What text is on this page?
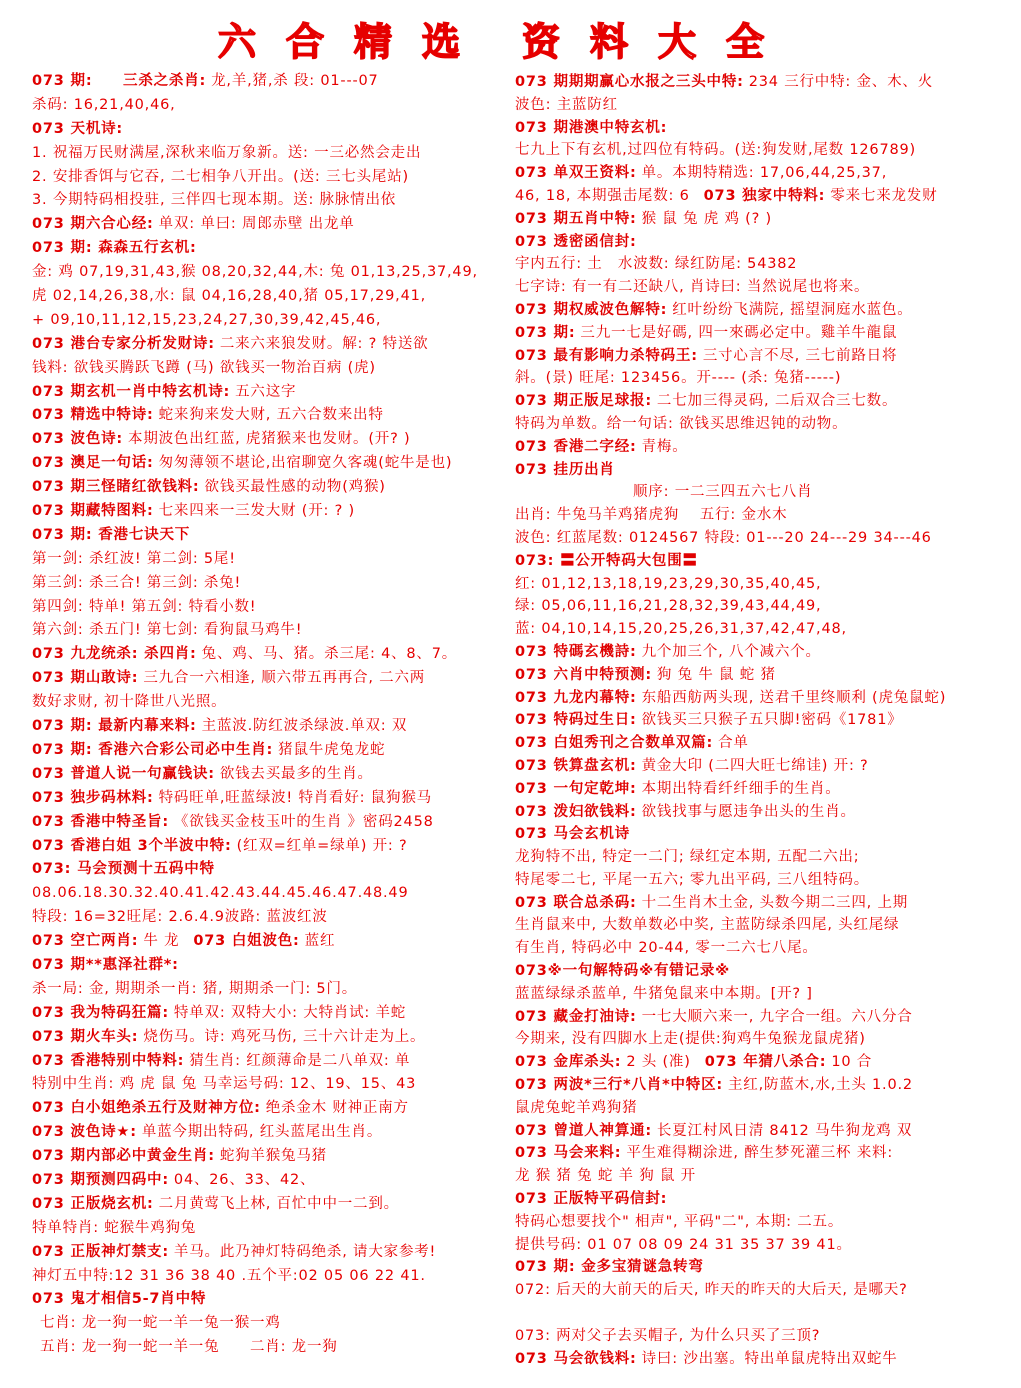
六合精选 资料大全
073 期:　　三杀之杀肖: 龙,羊,猪,杀 段: 01---07
杀码: 16,21,40,46,
073 天机诗:
1. 祝福万民财满屋,深秋来临万象新。送: 一三必然会走出
2. 安排香饵与它吞, 二七相争八开出。(送: 三七头尾站)
3. 今期特码相投驻, 三伴四七现本期。送: 脉脉情出依
073 期六合心经: 单双: 单曰: 周郎赤壁 出龙单
073 期: 森森五行玄机:
金: 鸡 07,19,31,43,猴 08,20,32,44,木: 兔 01,13,25,37,49,
虎 02,14,26,38,水: 鼠 04,16,28,40,猪 05,17,29,41,
+ 09,10,11,12,15,23,24,27,30,39,42,45,46,
073 港台专家分析发财诗: 二来六来狼发财。解: ? 特送欲
钱料: 欲钱买腾跃飞蹲 (马) 欲钱买一物治百病 (虎)
073 期玄机一肖中特玄机诗: 五六这字
073 精选中特诗: 蛇来狗来发大财, 五六合数来出特
073 波色诗: 本期波色出红蓝, 虎猪猴来也发财。(开? )
073 澳足一句话: 匆匆薄领不堪论,出宿聊宽久客魂(蛇牛是也)
073 期三怪睹红欲钱料: 欲钱买最性感的动物(鸡猴)
073 期藏特图料: 七来四来一三发大财 (开: ? )
073 期: 香港七诀天下
第一剑: 杀红波! 第二剑: 5尾!
第三剑: 杀三合! 第三剑: 杀兔!
第四剑: 特单! 第五剑: 特看小数!
第六剑: 杀五门! 第七剑: 看狗鼠马鸡牛!
073 九龙统杀: 杀四肖: 兔、鸡、马、猪。杀三尾: 4、8、7。
073 期山敢诗: 三九合一六相逢, 顺六带五再再合, 二六两
数好求财, 初十降世八光照。
073 期: 最新内幕来料: 主蓝波.防红波杀绿波.单双: 双
073 期: 香港六合彩公司必中生肖: 猪鼠牛虎兔龙蛇
073 普道人说一句赢钱诀: 欲钱去买最多的生肖。
073 独步码林料: 特码旺单,旺蓝绿波! 特肖看好: 鼠狗猴马
073 香港中特圣旨: 《欲钱买金枝玉叶的生肖 》密码2458
073 香港白姐 3个半波中特: (红双=红单=绿单) 开: ?
073: 马会预测十五码中特
08.06.18.30.32.40.41.42.43.44.45.46.47.48.49
特段: 16=32旺尾: 2.6.4.9波路: 蓝波红波
073 空亡两肖: 牛 龙 073 白姐波色: 蓝红
073 期**惠泽社群*:
杀一局: 金, 期期杀一肖: 猪, 期期杀一门: 5门。
073 我为特码狂篇: 特单双: 双特大小: 大特肖试: 羊蛇
073 期火车头: 烧伤马。诗: 鸡死马伤, 三十六计走为上。
073 香港特别中特料: 猜生肖: 红颜薄命是二八单双: 单
特别中生肖: 鸡 虎 鼠 兔 马幸运号码: 12、19、15、43
073 白小姐绝杀五行及财神方位: 绝杀金木 财神正南方
073 波色诗★: 单蓝今期出特码, 红头蓝尾出生肖。
073 期内部必中黄金生肖: 蛇狗羊猴兔马猪
073 期预测四码中: 04、26、33、42、
073 正版烧玄机: 二月黄莺飞上林, 百忙中中一二到。
特单特肖: 蛇猴牛鸡狗兔
073 正版神灯禁支: 羊马。此乃神灯特码绝杀, 请大家参考!
神灯五中特:12 31 36 38 40 .五个平:02 05 06 22 41.
073 鬼才相信5-7肖中特
七肖: 龙一狗一蛇一羊一兔一猴一鸡
五肖: 龙一狗一蛇一羊一兔　　二肖: 龙一狗
073 期期期赢心水报之三头中特: 234 三行中特: 金、木、火
波色: 主蓝防红
073 期港澳中特玄机:
七九上下有玄机,过四位有特码。(送:狗发财,尾数 126789)
073 单双王资料: 单。本期特精选: 17,06,44,25,37,
46, 18, 本期强击尾数: 6 073 独家中特料: 零来七来龙发财
073 期五肖中特: 猴 鼠 兔 虎 鸡 (? )
073 透密函信封:
宇内五行: 土　水波数: 绿红防尾: 54382
七字诗: 有一有二还缺八, 肖诗曰: 当然说尾也将来。
073 期权威波色解特: 红叶纷纷飞满院, 摇望洞庭水蓝色。
073 期: 三九一七是好碼, 四一來碼必定中。雞羊牛龍鼠
073 最有影响力杀特码王: 三寸心言不尽, 三七前路日将
斜。(景) 旺尾: 123456。开---- (杀: 兔猪-----)
073 期正版足球报: 二七加三得灵码, 二后双合三七数。
特码为单数。给一句话: 欲钱买思维迟钝的动物。
073 香港二字经: 青梅。
073 挂历出肖
顺序: 一二三四五六七八肖
出肖: 牛兔马羊鸡猪虎狗　 五行: 金水木
波色: 红蓝尾数: 0124567 特段: 01---20 24---29 34---46
073: 〓公开特码大包围〓
红: 01,12,13,18,19,23,29,30,35,40,45,
绿: 05,06,11,16,21,28,32,39,43,44,49,
蓝: 04,10,14,15,20,25,26,31,37,42,47,48,
073 特碼玄機詩: 九个加三个, 八个减六个。
073 六肖中特预测: 狗 兔 牛 鼠 蛇 猪
073 九龙内幕特: 东船西舫两头现, 送君千里终顺利 (虎兔鼠蛇)
073 特码过生日: 欲钱买三只猴子五只脚!密码《1781》
073 白姐秀刊之合数单双篇: 合单
073 铁算盘玄机: 黄金大印 (二四大旺七绵诖) 开: ?
073 一句定乾坤: 本期出特看纤纤细手的生肖。
073 泼妇欲钱料: 欲钱找事与愿违争出头的生肖。
073 马会玄机诗
龙狗特不出, 特定一二门; 绿红定本期, 五配二六出;
特尾零二七, 平尾一五六; 零九出平码, 三八组特码。
073 联合总杀码: 十二生肖木土金, 头数今期二三四, 上期
生肖鼠来中, 大数单数必中奖, 主蓝防绿杀四尾, 头红尾绿
有生肖, 特码必中 20-44, 零一二六七八尾。
073※一句解特码※有错记录※
蓝蓝绿绿杀蓝单, 牛猪兔鼠来中本期。[开? ]
073 藏金打油诗: 一七大顺六来一, 九字合一组。六八分合
今期来, 没有四脚水上走(提供:狗鸡牛兔猴龙鼠虎猪)
073 金库杀头: 2 头 (准) 073 年猜八杀合: 10 合
073 两波*三行*八肖*中特区: 主红,防蓝木,水,土头 1.0.2
鼠虎兔蛇羊鸡狗猪
073 曾道人神算通: 长夏江村风日清 8412 马牛狗龙鸡 双
073 马会来料: 平生难得糊涂进, 醉生梦死灌三杯 来料:
龙 猴 猪 兔 蛇 羊 狗 鼠 开
073 正版特平码信封:
特码心想要找个" 相声", 平码"二", 本期: 二五。
提供号码: 01 07 08 09 24 31 35 37 39 41。
073 期: 金多宝猜谜急转弯
072: 后天的大前天的后天, 昨天的昨天的大后天, 是哪天?
073: 两对父子去买帽子, 为什么只买了三顶?
073 马会欲钱料: 诗曰: 沙出塞。特出单鼠虎特出双蛇牛
